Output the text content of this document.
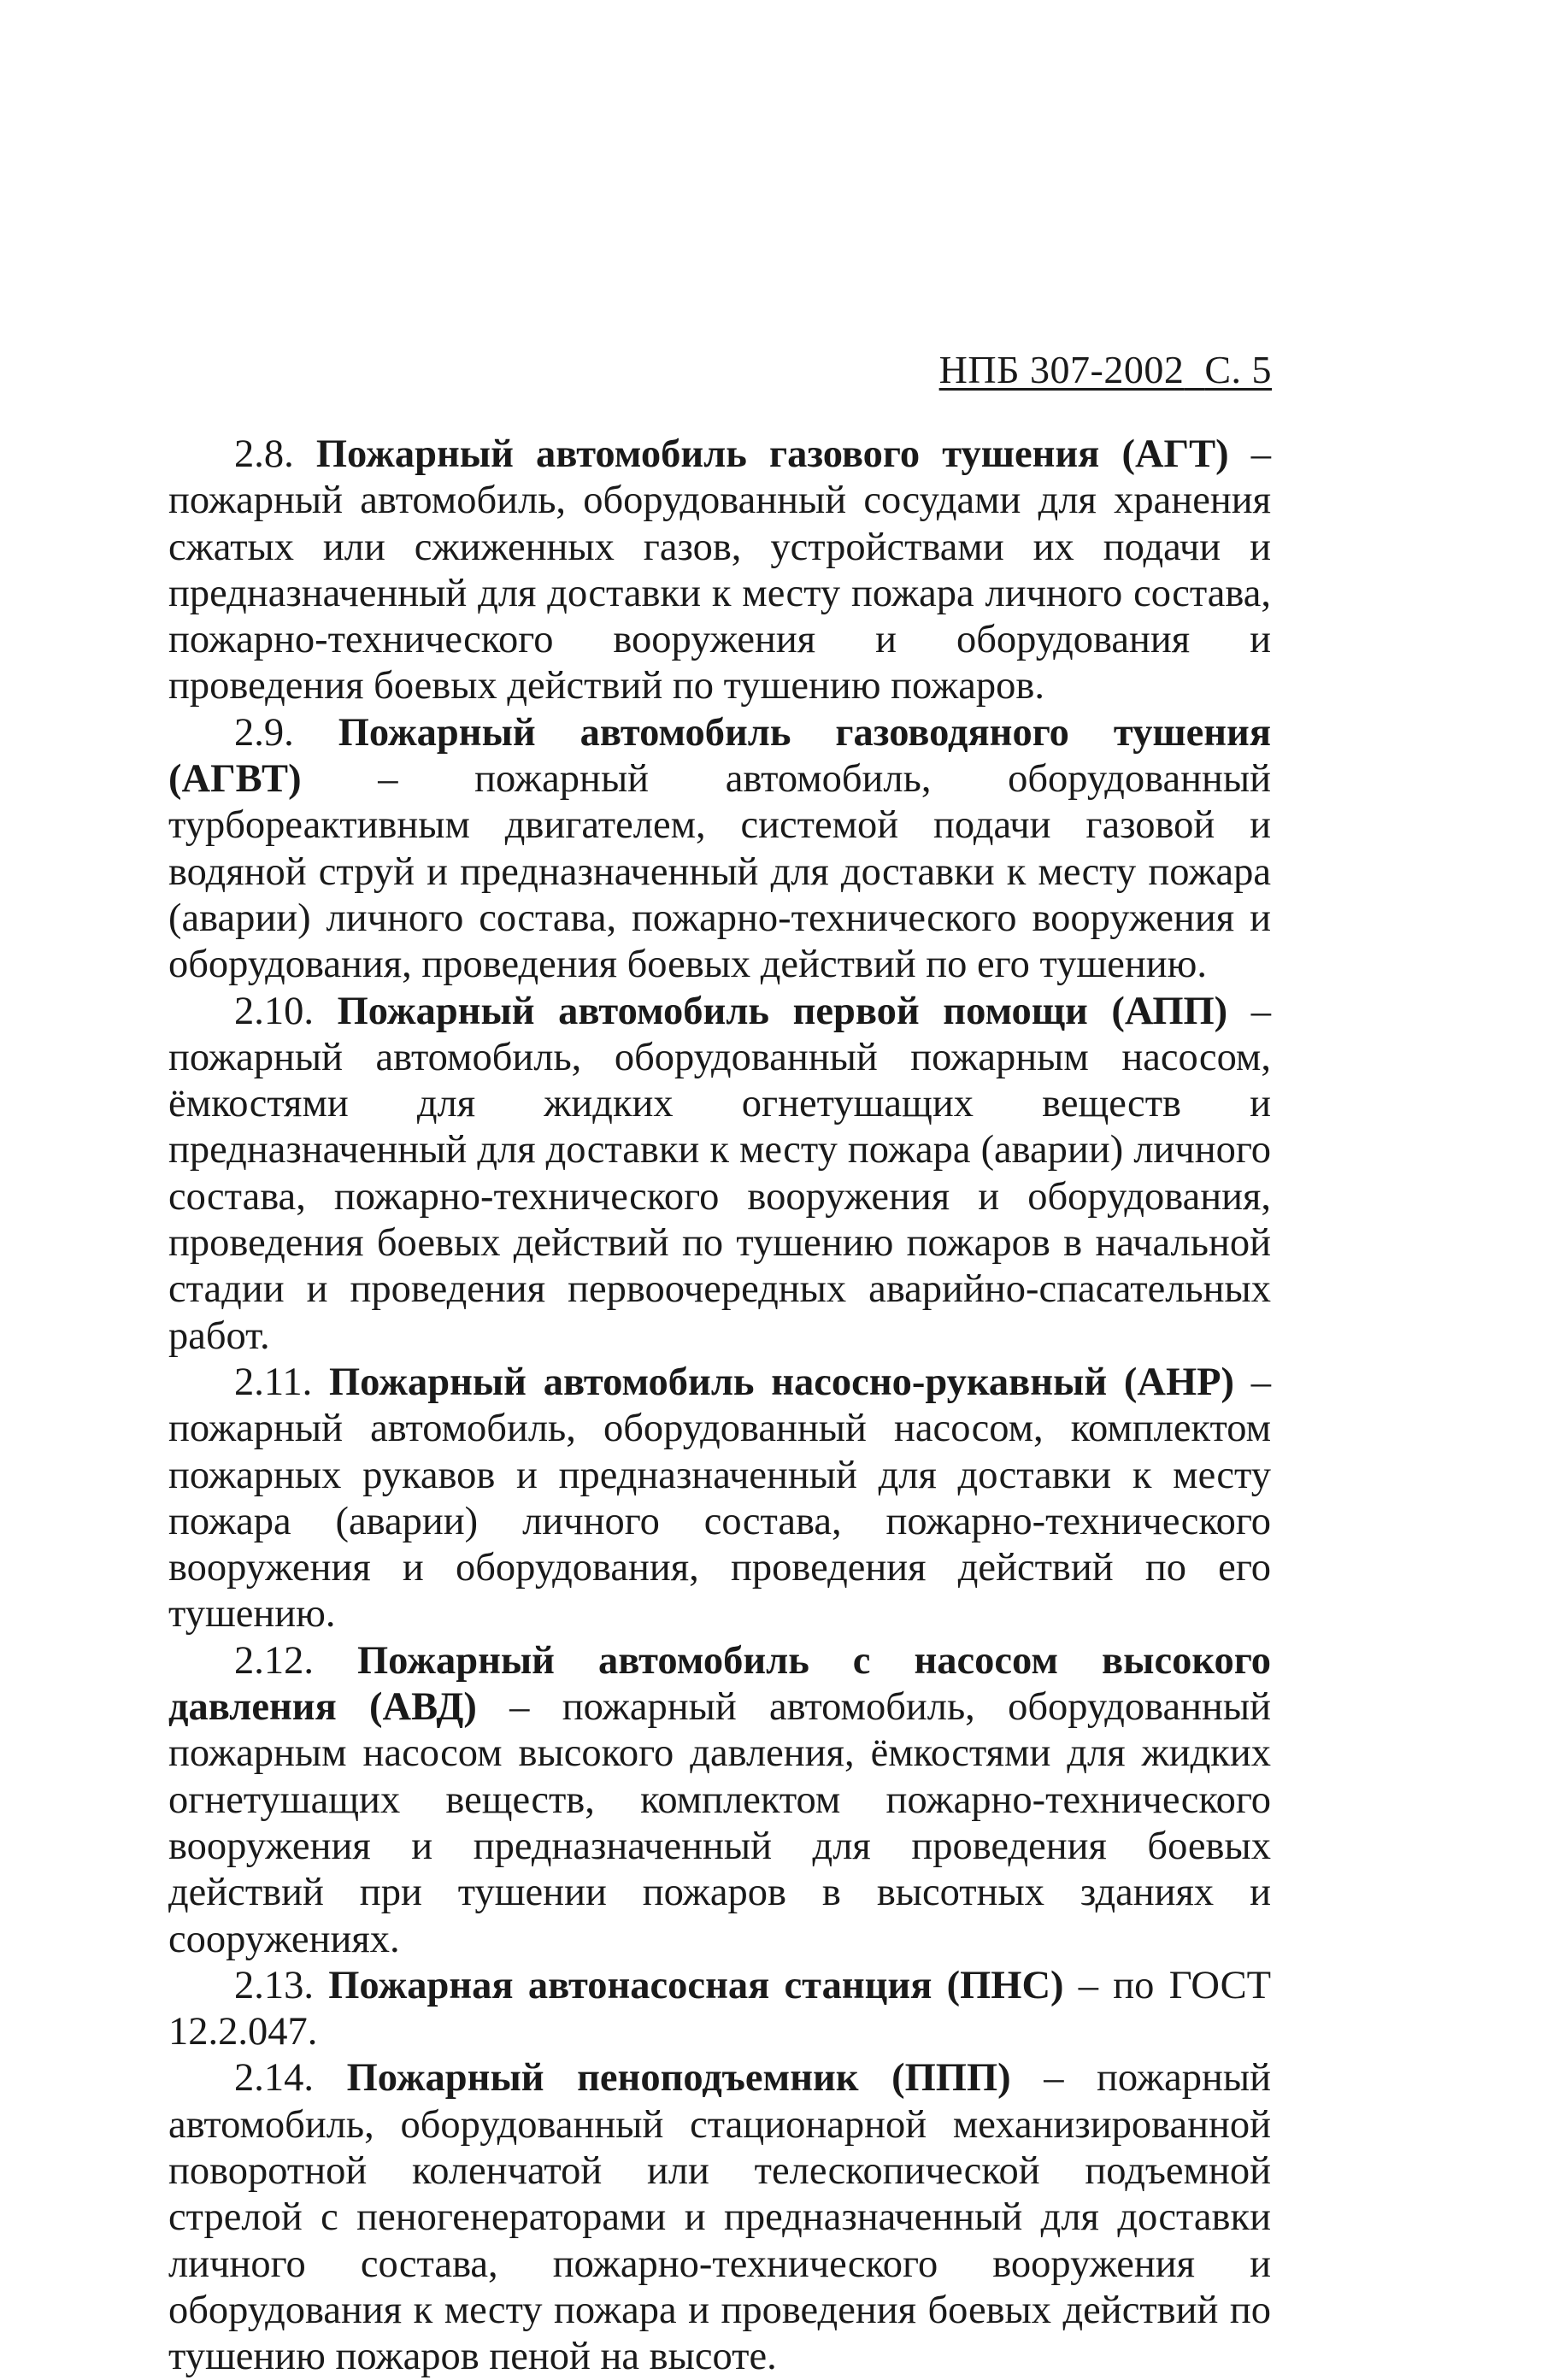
НПБ 307-2002 С. 5

2.8. Пожарный автомобиль газового тушения (АГТ) – пожарный автомобиль, оборудованный сосудами для хранения сжатых или сжиженных газов, устройствами их подачи и предназначенный для доставки к месту пожара личного состава, пожарно-технического вооружения и оборудования и проведения боевых действий по тушению пожаров.

2.9. Пожарный автомобиль газоводяного тушения (АГВТ) – пожарный автомобиль, оборудованный турбореактивным двигателем, системой подачи газовой и водяной струй и предназначенный для доставки к месту пожара (аварии) личного состава, пожарно-технического вооружения и оборудования, проведения боевых действий по его тушению.

2.10. Пожарный автомобиль первой помощи (АПП) – пожарный автомобиль, оборудованный пожарным насосом, ёмкостями для жидких огнетушащих веществ и предназначенный для доставки к месту пожара (аварии) личного состава, пожарно-технического вооружения и оборудования, проведения боевых действий по тушению пожаров в начальной стадии и проведения первоочередных аварийно-спасательных работ.

2.11. Пожарный автомобиль насосно-рукавный (АНР) – пожарный автомобиль, оборудованный насосом, комплектом пожарных рукавов и предназначенный для доставки к месту пожара (аварии) личного состава, пожарно-технического вооружения и оборудования, проведения действий по его тушению.

2.12. Пожарный автомобиль с насосом высокого давления (АВД) – пожарный автомобиль, оборудованный пожарным насосом высокого давления, ёмкостями для жидких огнетушащих веществ, комплектом пожарно-технического вооружения и предназначенный для проведения боевых действий при тушении пожаров в высотных зданиях и сооружениях.

2.13. Пожарная автонасосная станция (ПНС) – по ГОСТ 12.2.047.

2.14. Пожарный пеноподъемник (ППП) – пожарный автомобиль, оборудованный стационарной механизированной поворотной коленчатой или телескопической подъемной стрелой с пеногенераторами и предназначенный для доставки личного состава, пожарно-технического вооружения и оборудования к месту пожара и проведения боевых действий по тушению пожаров пеной на высоте.
